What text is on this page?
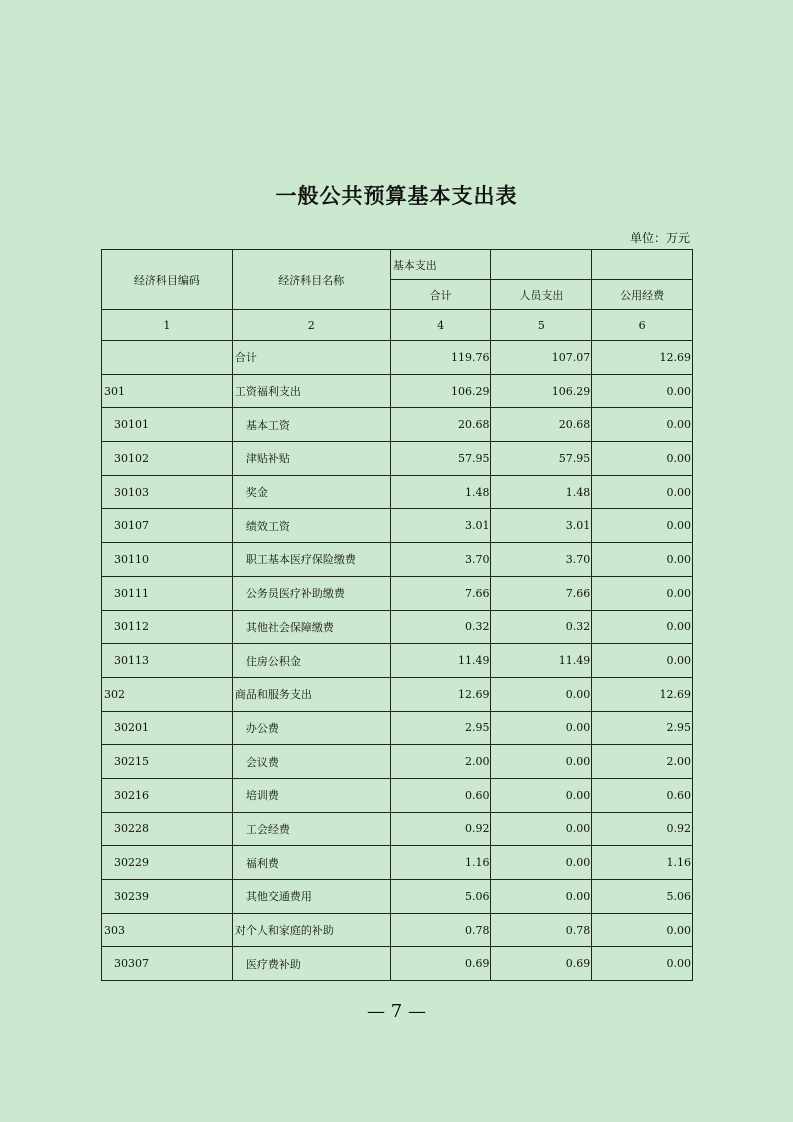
一般公共预算基本支出表
单位：万元
经济科目编码	经济科目名称	基本支出		
		合计	人员支出	公用经费
1	2	4	5	6
	合计	119.76	107.07	12.69
301	工资福利支出	106.29	106.29	0.00
30101	基本工资	20.68	20.68	0.00
30102	津贴补贴	57.95	57.95	0.00
30103	奖金	1.48	1.48	0.00
30107	绩效工资	3.01	3.01	0.00
30110	职工基本医疗保险缴费	3.70	3.70	0.00
30111	公务员医疗补助缴费	7.66	7.66	0.00
30112	其他社会保障缴费	0.32	0.32	0.00
30113	住房公积金	11.49	11.49	0.00
302	商品和服务支出	12.69	0.00	12.69
30201	办公费	2.95	0.00	2.95
30215	会议费	2.00	0.00	2.00
30216	培训费	0.60	0.00	0.60
30228	工会经费	0.92	0.00	0.92
30229	福利费	1.16	0.00	1.16
30239	其他交通费用	5.06	0.00	5.06
303	对个人和家庭的补助	0.78	0.78	0.00
30307	医疗费补助	0.69	0.69	0.00
— 7 —
